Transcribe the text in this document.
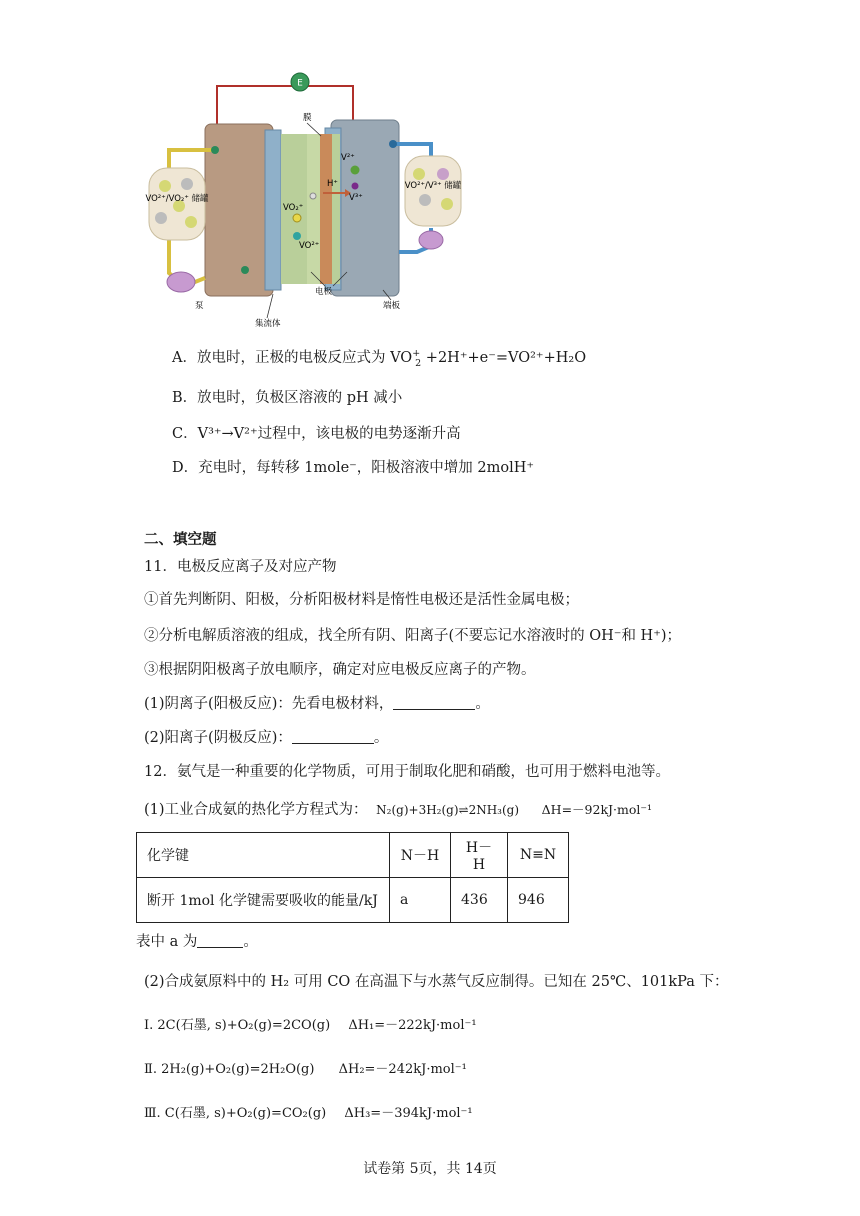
E
V²⁺
V³⁺
H⁺
VO₂⁺
VO²⁺
膜
VO²⁺/VO₂⁺ 储罐
泵
VO²⁺/V³⁺ 储罐
电极
集流体
端板
A．放电时，正极的电极反应式为 $VO^+_2 +2H^++e^-=VO^{2+}+H_2O$
B．放电时，负极区溶液的 pH 减小
C．V³⁺→V²⁺过程中，该电极的电势逐渐升高
D．充电时，每转移 1mole⁻，阳极溶液中增加 2molH⁺
二、填空题
11．电极反应离子及对应产物
①首先判断阴、阳极，分析阳极材料是惰性电极还是活性金属电极；
②分析电解质溶液的组成，找全所有阴、阳离子(不要忘记水溶液时的 OH⁻和 H⁺)；
③根据阴阳极离子放电顺序，确定对应电极反应离子的产物。
(1)阴离子(阳极反应)：先看电极材料，	。
(2)阳离子(阴极反应)：	。
12．氨气是一种重要的化学物质，可用于制取化肥和硝酸，也可用于燃料电池等。
(1)工业合成氨的热化学方程式为： N₂(g)+3H₂(g)⇌2NH₃(g) ΔH=－92kJ·mol⁻¹
化学键	N－H	H－H	N≡N
断开 1mol 化学键需要吸收的能量/kJ	a	436	946
表中 a 为	。
(2)合成氨原料中的 H₂ 可用 CO 在高温下与水蒸气反应制得。已知在 25℃、101kPa 下：
Ⅰ. 2C(石墨, s)+O₂(g)=2CO(g) ΔH₁=－222kJ·mol⁻¹
Ⅱ. 2H₂(g)+O₂(g)=2H₂O(g) ΔH₂=－242kJ·mol⁻¹
Ⅲ. C(石墨, s)+O₂(g)=CO₂(g) ΔH₃=－394kJ·mol⁻¹
试卷第 5页，共 14页
